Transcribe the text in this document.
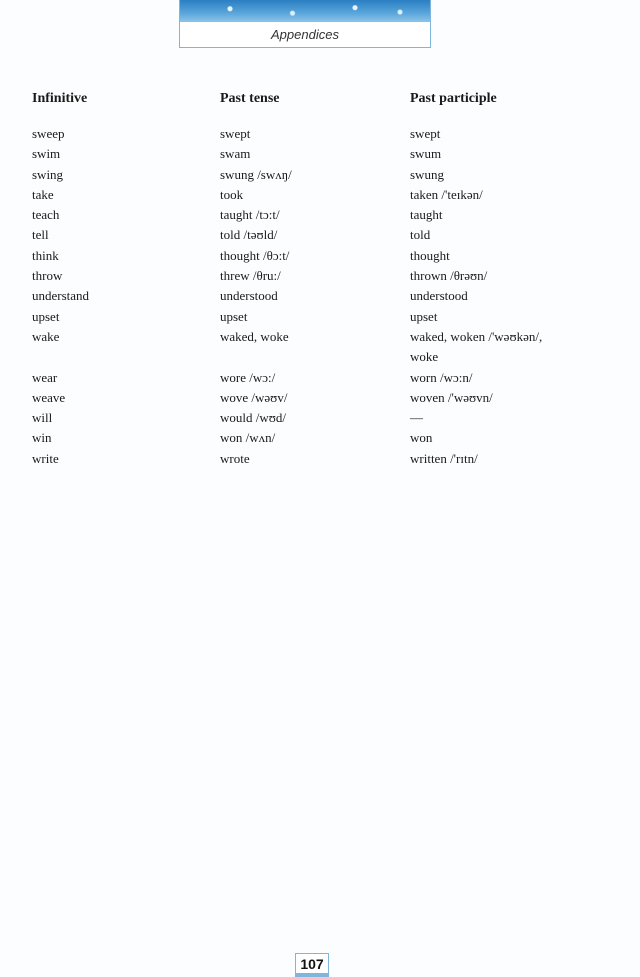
Appendices
Infinitive	Past tense	Past participle
sweep
swim
swing
take
teach
tell
think
throw
understand
upset
wake
wear
weave
will
win
write
swept
swam
swung /swʌŋ/
took
taught /tɔ:t/
told /təʊld/
thought /θɔ:t/
threw /θru:/
understood
upset
waked, woke
wore /wɔ:/
wove /wəʊv/
would /wʊd/
won /wʌn/
wrote
swept
swum
swung
taken /'teɪkən/
taught
told
thought
thrown /θrəʊn/
understood
upset
waked, woken /'wəʊkən/,
woke
worn /wɔ:n/
woven /'wəʊvn/
—
won
written /'rɪtn/
107
